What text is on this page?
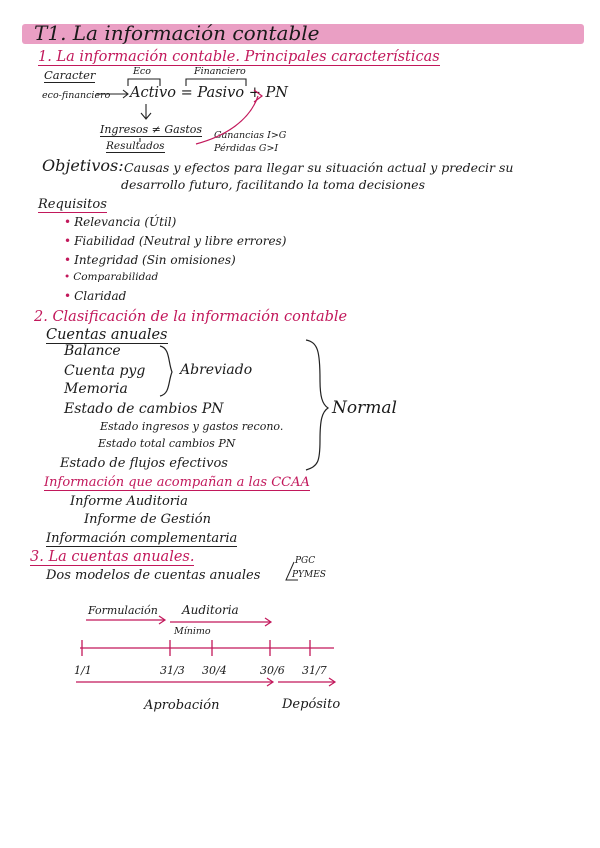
T1. La información contable
1. La información contable. Principales características
Caracter
eco-financiero
Eco	Financiero
Activo = Pasivo + PN
Ingresos ≠ Gastos
Resultados
Ganancias I>G
Pérdidas G>I
Objetivos: Causas y efectos para llegar su situación actual y predecir su
desarrollo futuro, facilitando la toma decisiones
Requisitos
• Relevancia (Útil)
• Fiabilidad (Neutral y libre errores)
• Integridad (Sin omisiones)
• Comparabilidad
• Claridad
2. Clasificación de la información contable
Cuentas anuales
Balance
Cuenta pyg
Memoria
Abreviado
Estado de cambios PN
Estado ingresos y gastos recono.
Estado total cambios PN
Estado de flujos efectivos
Normal
Información que acompañan a las CCAA
Informe Auditoria
Informe de Gestión
Información complementaria
3. La cuentas anuales.
Dos modelos de cuentas anuales
PGC
PYMES
Formulación Auditoria
Mínimo
1/1	31/3 30/4	30/6 31/7
Aprobación	Depósito
